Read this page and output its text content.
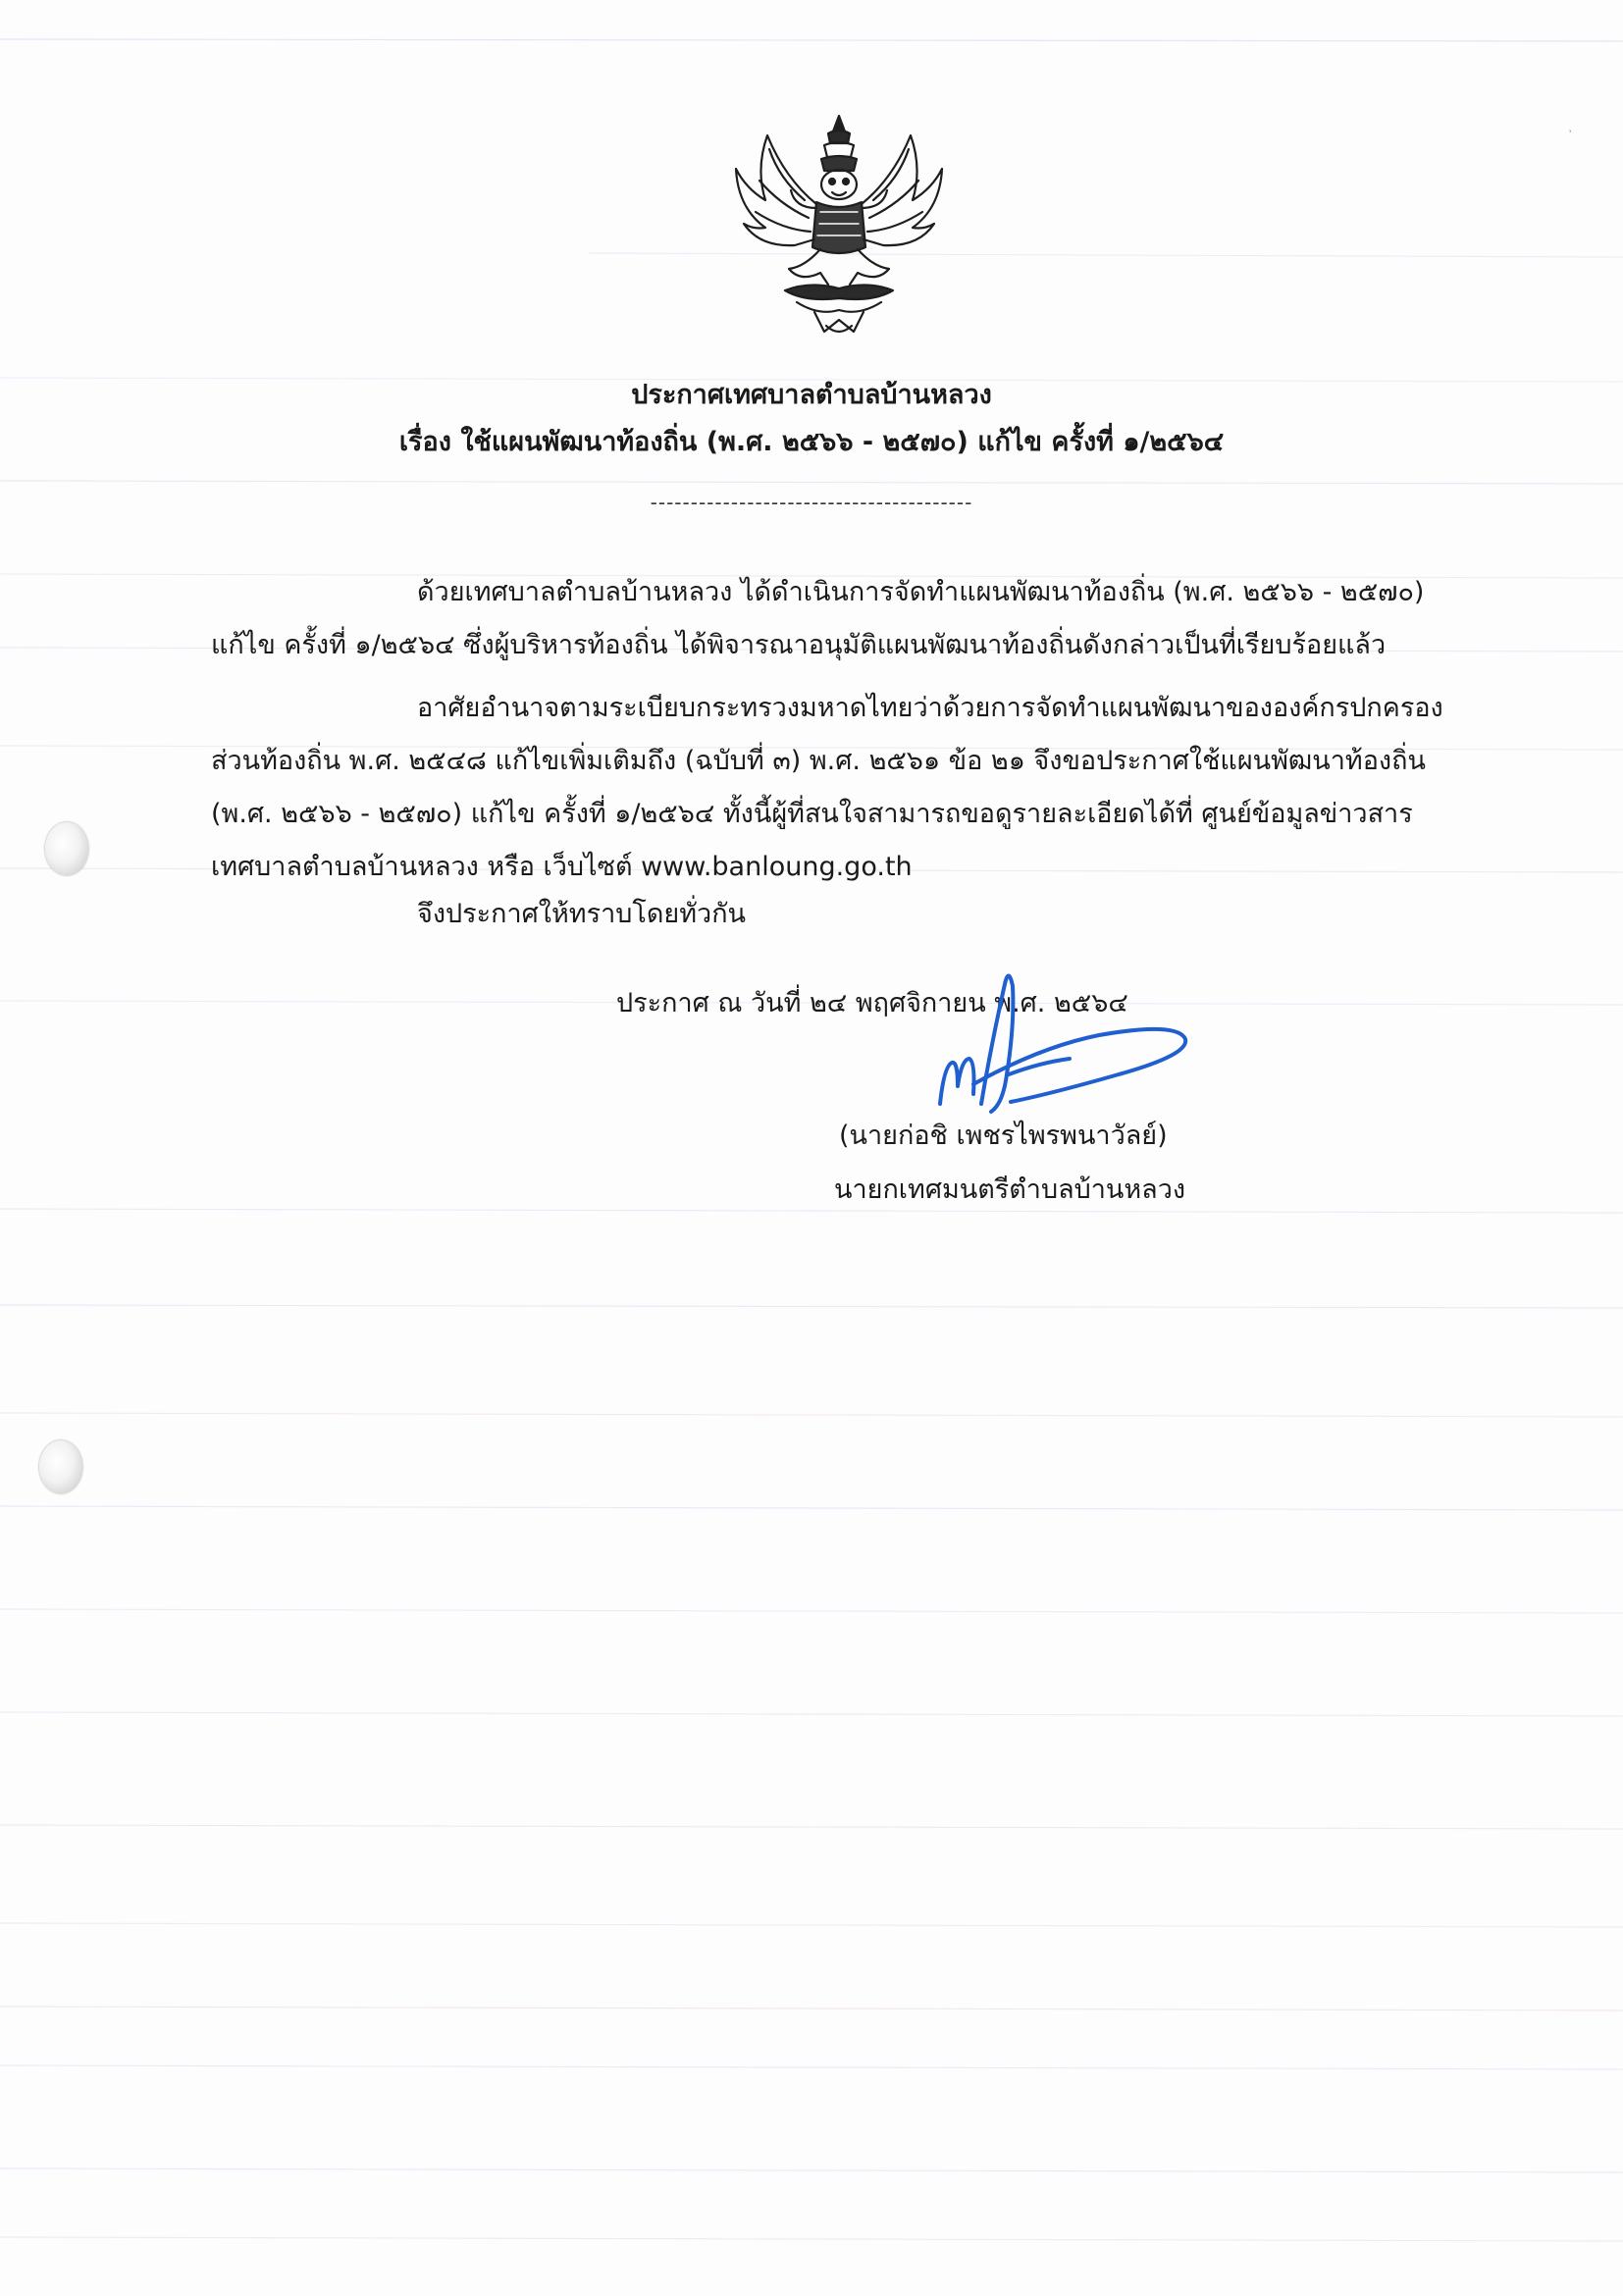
⸒
ประกาศเทศบาลตำบลบ้านหลวง
เรื่อง ใช้แผนพัฒนาท้องถิ่น (พ.ศ. ๒๕๖๖ - ๒๕๗๐) แก้ไข ครั้งที่ ๑/๒๕๖๔
----------------------------------------
ด้วยเทศบาลตำบลบ้านหลวง ได้ดำเนินการจัดทำแผนพัฒนาท้องถิ่น (พ.ศ. ๒๕๖๖ - ๒๕๗๐)
แก้ไข ครั้งที่ ๑/๒๕๖๔ ซึ่งผู้บริหารท้องถิ่น ได้พิจารณาอนุมัติแผนพัฒนาท้องถิ่นดังกล่าวเป็นที่เรียบร้อยแล้ว
อาศัยอำนาจตามระเบียบกระทรวงมหาดไทยว่าด้วยการจัดทำแผนพัฒนาขององค์กรปกครอง
ส่วนท้องถิ่น พ.ศ. ๒๕๔๘ แก้ไขเพิ่มเติมถึง (ฉบับที่ ๓) พ.ศ. ๒๕๖๑ ข้อ ๒๑ จึงขอประกาศใช้แผนพัฒนาท้องถิ่น
(พ.ศ. ๒๕๖๖ - ๒๕๗๐) แก้ไข ครั้งที่ ๑/๒๕๖๔ ทั้งนี้ผู้ที่สนใจสามารถขอดูรายละเอียดได้ที่ ศูนย์ข้อมูลข่าวสาร
เทศบาลตำบลบ้านหลวง หรือ เว็บไซต์ www.banloung.go.th
จึงประกาศให้ทราบโดยทั่วกัน
ประกาศ ณ วันที่ ๒๔ พฤศจิกายน พ.ศ. ๒๕๖๔
(นายก่อชิ เพชรไพรพนาวัลย์)
นายกเทศมนตรีตำบลบ้านหลวง
